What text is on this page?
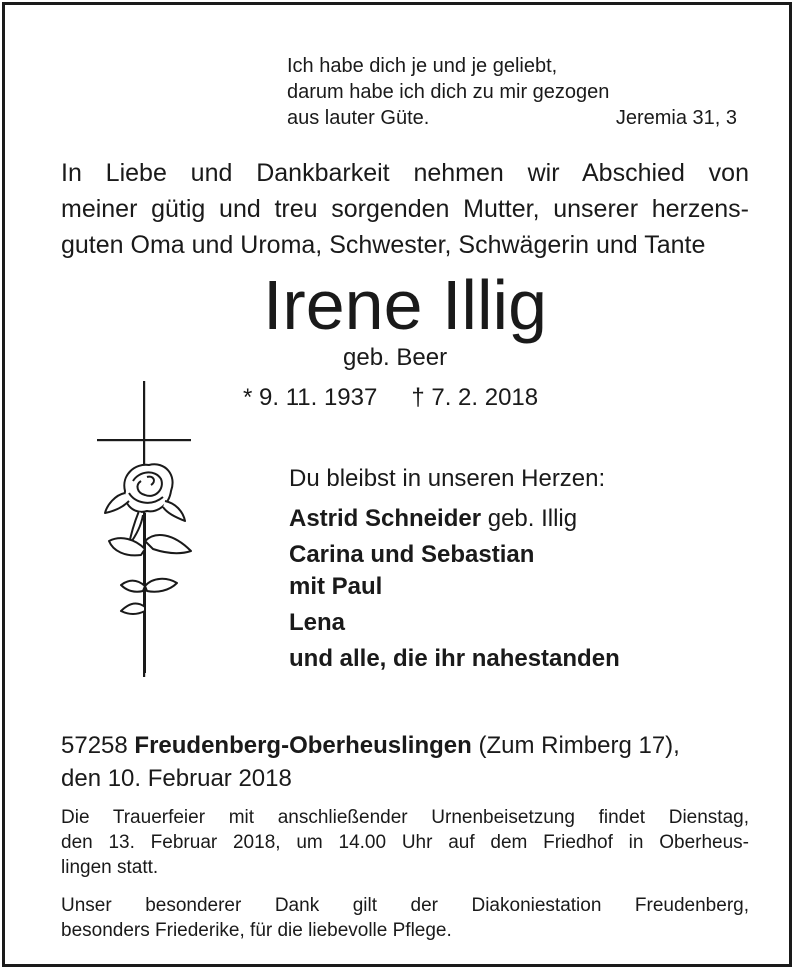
Ich habe dich je und je geliebt,
darum habe ich dich zu mir gezogen
aus lauter Güte.	Jeremia 31, 3
In Liebe und Dankbarkeit nehmen wir Abschied von
meiner gütig und treu sorgenden Mutter, unserer herzens-
guten Oma und Uroma, Schwester, Schwägerin und Tante
Irene Illig
geb. Beer
* 9. 11. 1937 † 7. 2. 2018
Du bleibst in unseren Herzen:
Astrid Schneider geb. Illig
Carina und Sebastian
mit Paul
Lena
und alle, die ihr nahestanden
57258 Freudenberg-Oberheuslingen (Zum Rimberg 17),
den 10. Februar 2018
Die Trauerfeier mit anschließender Urnenbeisetzung findet Dienstag,
den 13. Februar 2018, um 14.00 Uhr auf dem Friedhof in Oberheus-
lingen statt.
Unser besonderer Dank gilt der Diakoniestation Freudenberg,
besonders Friederike, für die liebevolle Pflege.
